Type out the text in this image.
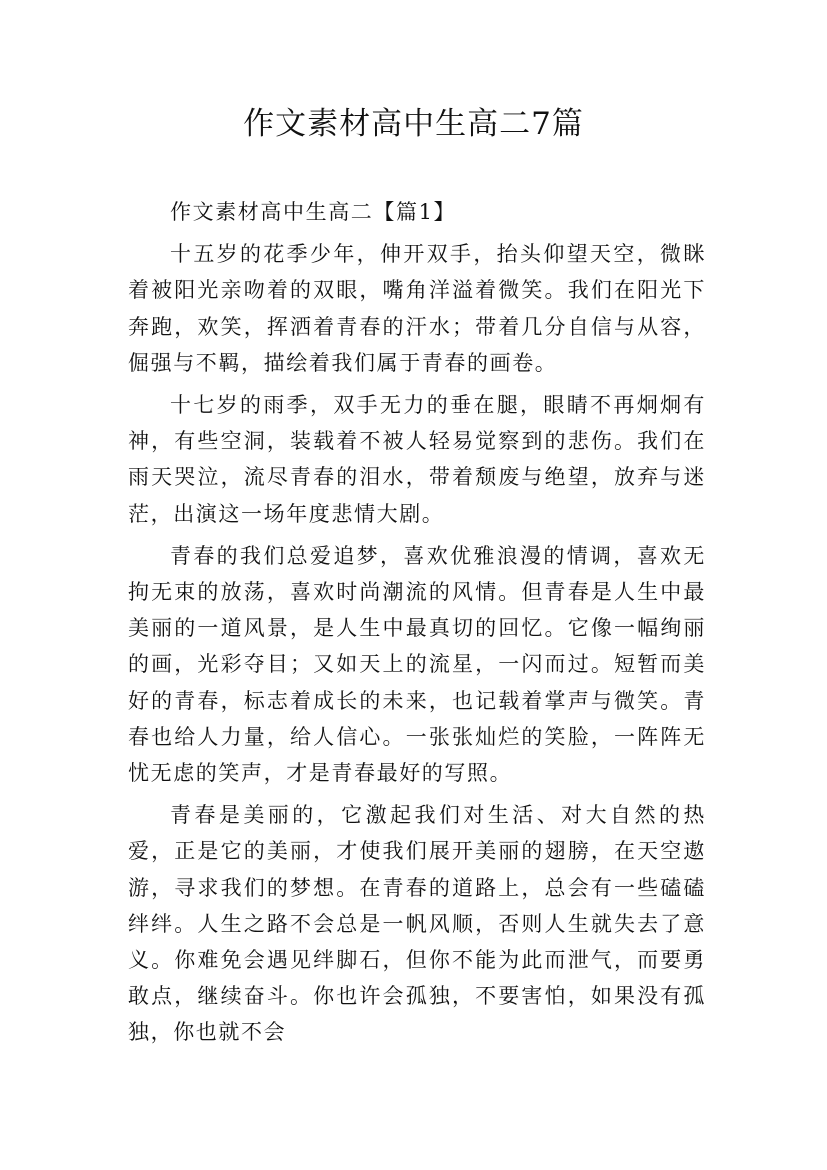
作文素材高中生高二7篇

作文素材高中生高二【篇1】

十五岁的花季少年，伸开双手，抬头仰望天空，微眯着被阳光亲吻着的双眼，嘴角洋溢着微笑。我们在阳光下奔跑，欢笑，挥洒着青春的汗水；带着几分自信与从容，倔强与不羁，描绘着我们属于青春的画卷。

十七岁的雨季，双手无力的垂在腿，眼睛不再炯炯有神，有些空洞，装载着不被人轻易觉察到的悲伤。我们在雨天哭泣，流尽青春的泪水，带着颓废与绝望，放弃与迷茫，出演这一场年度悲情大剧。

青春的我们总爱追梦，喜欢优雅浪漫的情调，喜欢无拘无束的放荡，喜欢时尚潮流的风情。但青春是人生中最美丽的一道风景，是人生中最真切的回忆。它像一幅绚丽的画，光彩夺目；又如天上的流星，一闪而过。短暂而美好的青春，标志着成长的未来，也记载着掌声与微笑。青春也给人力量，给人信心。一张张灿烂的笑脸，一阵阵无忧无虑的笑声，才是青春最好的写照。

青春是美丽的，它激起我们对生活、对大自然的热爱，正是它的美丽，才使我们展开美丽的翅膀，在天空遨游，寻求我们的梦想。在青春的道路上，总会有一些磕磕绊绊。人生之路不会总是一帆风顺，否则人生就失去了意义。你难免会遇见绊脚石，但你不能为此而泄气，而要勇敢点，继续奋斗。你也许会孤独，不要害怕，如果没有孤独，你也就不会
